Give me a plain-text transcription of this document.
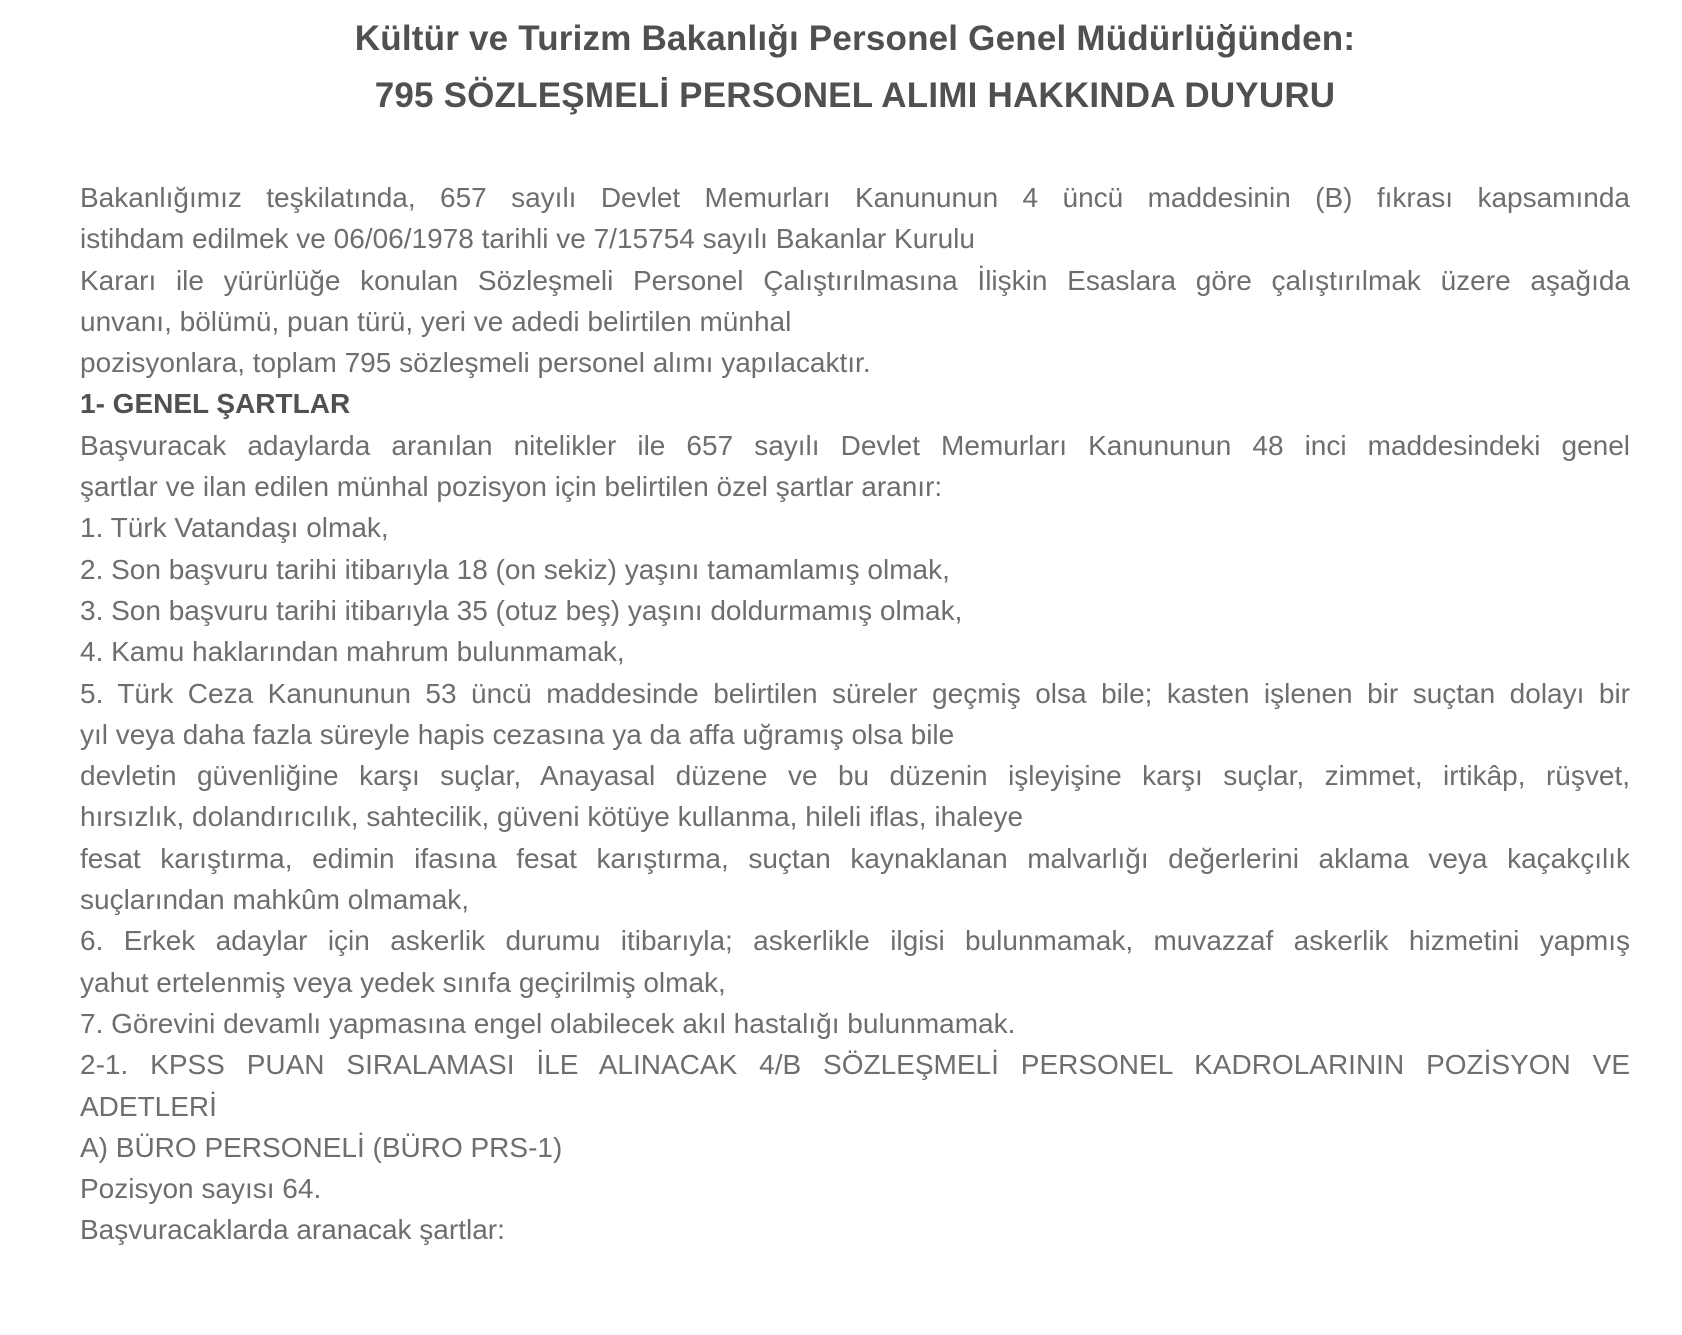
Kültür ve Turizm Bakanlığı Personel Genel Müdürlüğünden:
795 SÖZLEŞMELİ PERSONEL ALIMI HAKKINDA DUYURU
Bakanlığımız teşkilatında, 657 sayılı Devlet Memurları Kanununun 4 üncü maddesinin (B) fıkrası kapsamında
istihdam edilmek ve 06/06/1978 tarihli ve 7/15754 sayılı Bakanlar Kurulu
Kararı ile yürürlüğe konulan Sözleşmeli Personel Çalıştırılmasına İlişkin Esaslara göre çalıştırılmak üzere aşağıda
unvanı, bölümü, puan türü, yeri ve adedi belirtilen münhal
pozisyonlara, toplam 795 sözleşmeli personel alımı yapılacaktır.
1- GENEL ŞARTLAR
Başvuracak adaylarda aranılan nitelikler ile 657 sayılı Devlet Memurları Kanununun 48 inci maddesindeki genel
şartlar ve ilan edilen münhal pozisyon için belirtilen özel şartlar aranır:
1. Türk Vatandaşı olmak,
2. Son başvuru tarihi itibarıyla 18 (on sekiz) yaşını tamamlamış olmak,
3. Son başvuru tarihi itibarıyla 35 (otuz beş) yaşını doldurmamış olmak,
4. Kamu haklarından mahrum bulunmamak,
5. Türk Ceza Kanununun 53 üncü maddesinde belirtilen süreler geçmiş olsa bile; kasten işlenen bir suçtan dolayı bir
yıl veya daha fazla süreyle hapis cezasına ya da affa uğramış olsa bile
devletin güvenliğine karşı suçlar, Anayasal düzene ve bu düzenin işleyişine karşı suçlar, zimmet, irtikâp, rüşvet,
hırsızlık, dolandırıcılık, sahtecilik, güveni kötüye kullanma, hileli iflas, ihaleye
fesat karıştırma, edimin ifasına fesat karıştırma, suçtan kaynaklanan malvarlığı değerlerini aklama veya kaçakçılık
suçlarından mahkûm olmamak,
6. Erkek adaylar için askerlik durumu itibarıyla; askerlikle ilgisi bulunmamak, muvazzaf askerlik hizmetini yapmış
yahut ertelenmiş veya yedek sınıfa geçirilmiş olmak,
7. Görevini devamlı yapmasına engel olabilecek akıl hastalığı bulunmamak.
2-1. KPSS PUAN SIRALAMASI İLE ALINACAK 4/B SÖZLEŞMELİ PERSONEL KADROLARININ POZİSYON VE
ADETLERİ
A) BÜRO PERSONELİ (BÜRO PRS-1)
Pozisyon sayısı 64.
Başvuracaklarda aranacak şartlar:
